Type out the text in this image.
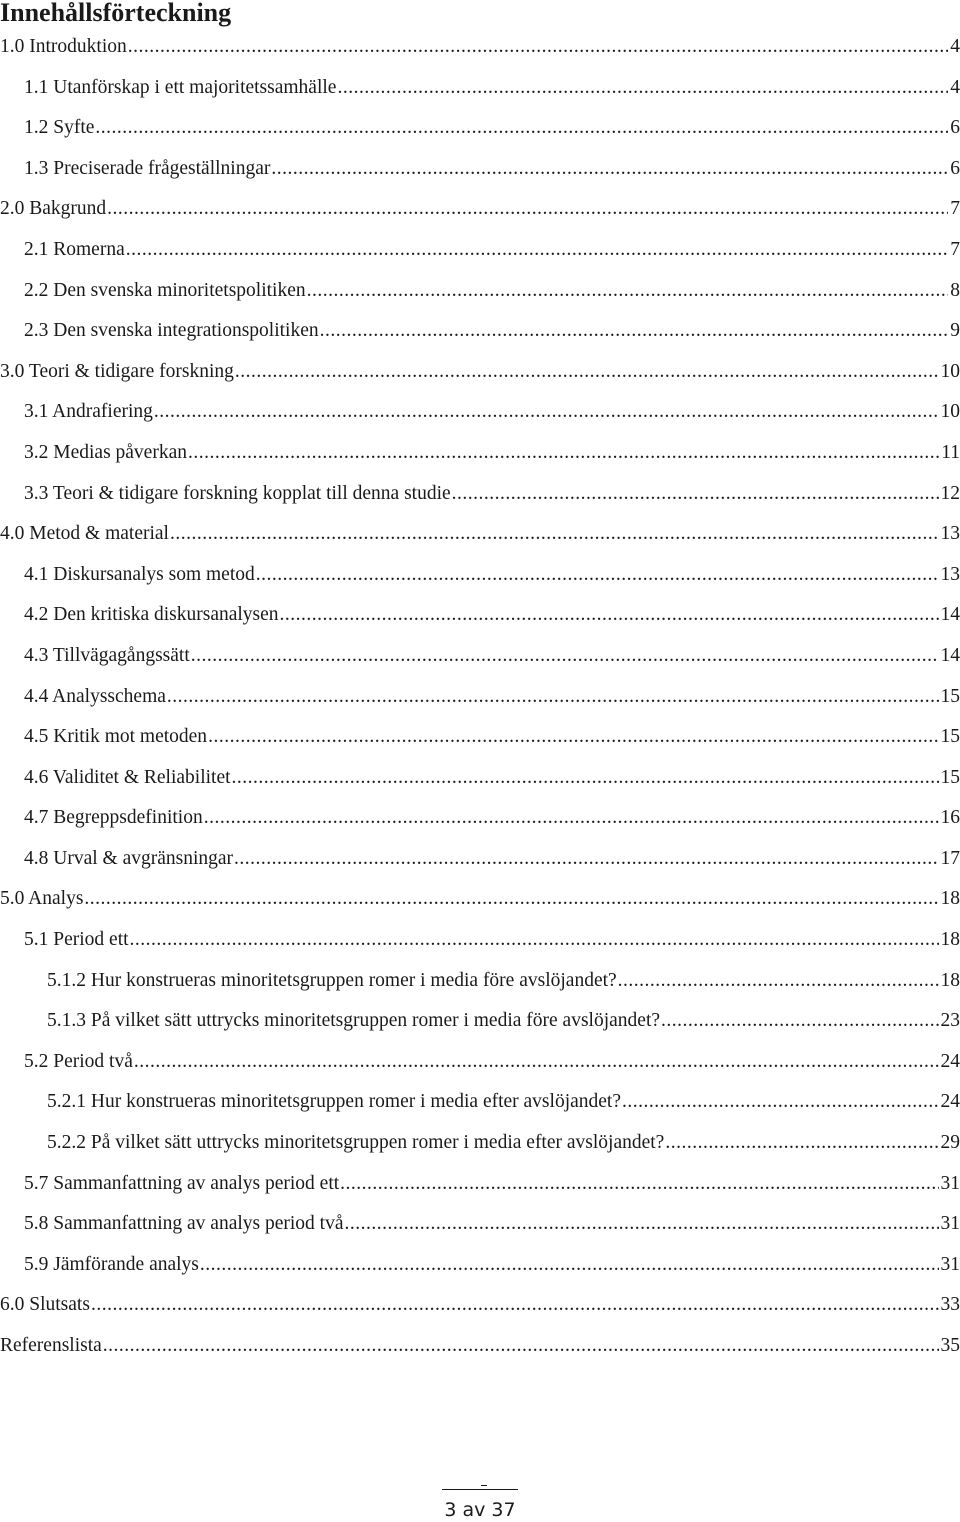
Innehållsförteckning
1.0 Introduktion .....	4
1.1 Utanförskap i ett majoritetssamhälle .....	4
1.2 Syfte .....	6
1.3 Preciserade frågeställningar .....	6
2.0 Bakgrund .....	7
2.1 Romerna .....	7
2.2 Den svenska minoritetspolitiken .....	8
2.3 Den svenska integrationspolitiken .....	9
3.0 Teori & tidigare forskning .....	10
3.1 Andrafiering .....	10
3.2 Medias påverkan .....	11
3.3 Teori & tidigare forskning kopplat till denna studie .....	12
4.0 Metod & material .....	13
4.1 Diskursanalys som metod .....	13
4.2 Den kritiska diskursanalysen .....	14
4.3 Tillvägagångssätt .....	14
4.4 Analysschema .....	15
4.5 Kritik mot metoden .....	15
4.6 Validitet & Reliabilitet .....	15
4.7 Begreppsdefinition .....	16
4.8 Urval & avgränsningar .....	17
5.0 Analys .....	18
5.1 Period ett .....	18
5.1.2 Hur konstrueras minoritetsgruppen romer i media före avslöjandet? .....	18
5.1.3 På vilket sätt uttrycks minoritetsgruppen romer i media före avslöjandet? .....	23
5.2 Period två .....	24
5.2.1 Hur konstrueras minoritetsgruppen romer i media efter avslöjandet? .....	24
5.2.2 På vilket sätt uttrycks minoritetsgruppen romer i media efter avslöjandet? .....	29
5.7 Sammanfattning av analys period ett .....	31
5.8 Sammanfattning av analys period två .....	31
5.9 Jämförande analys .....	31
6.0 Slutsats .....	33
Referenslista .....	35
3 av 37
